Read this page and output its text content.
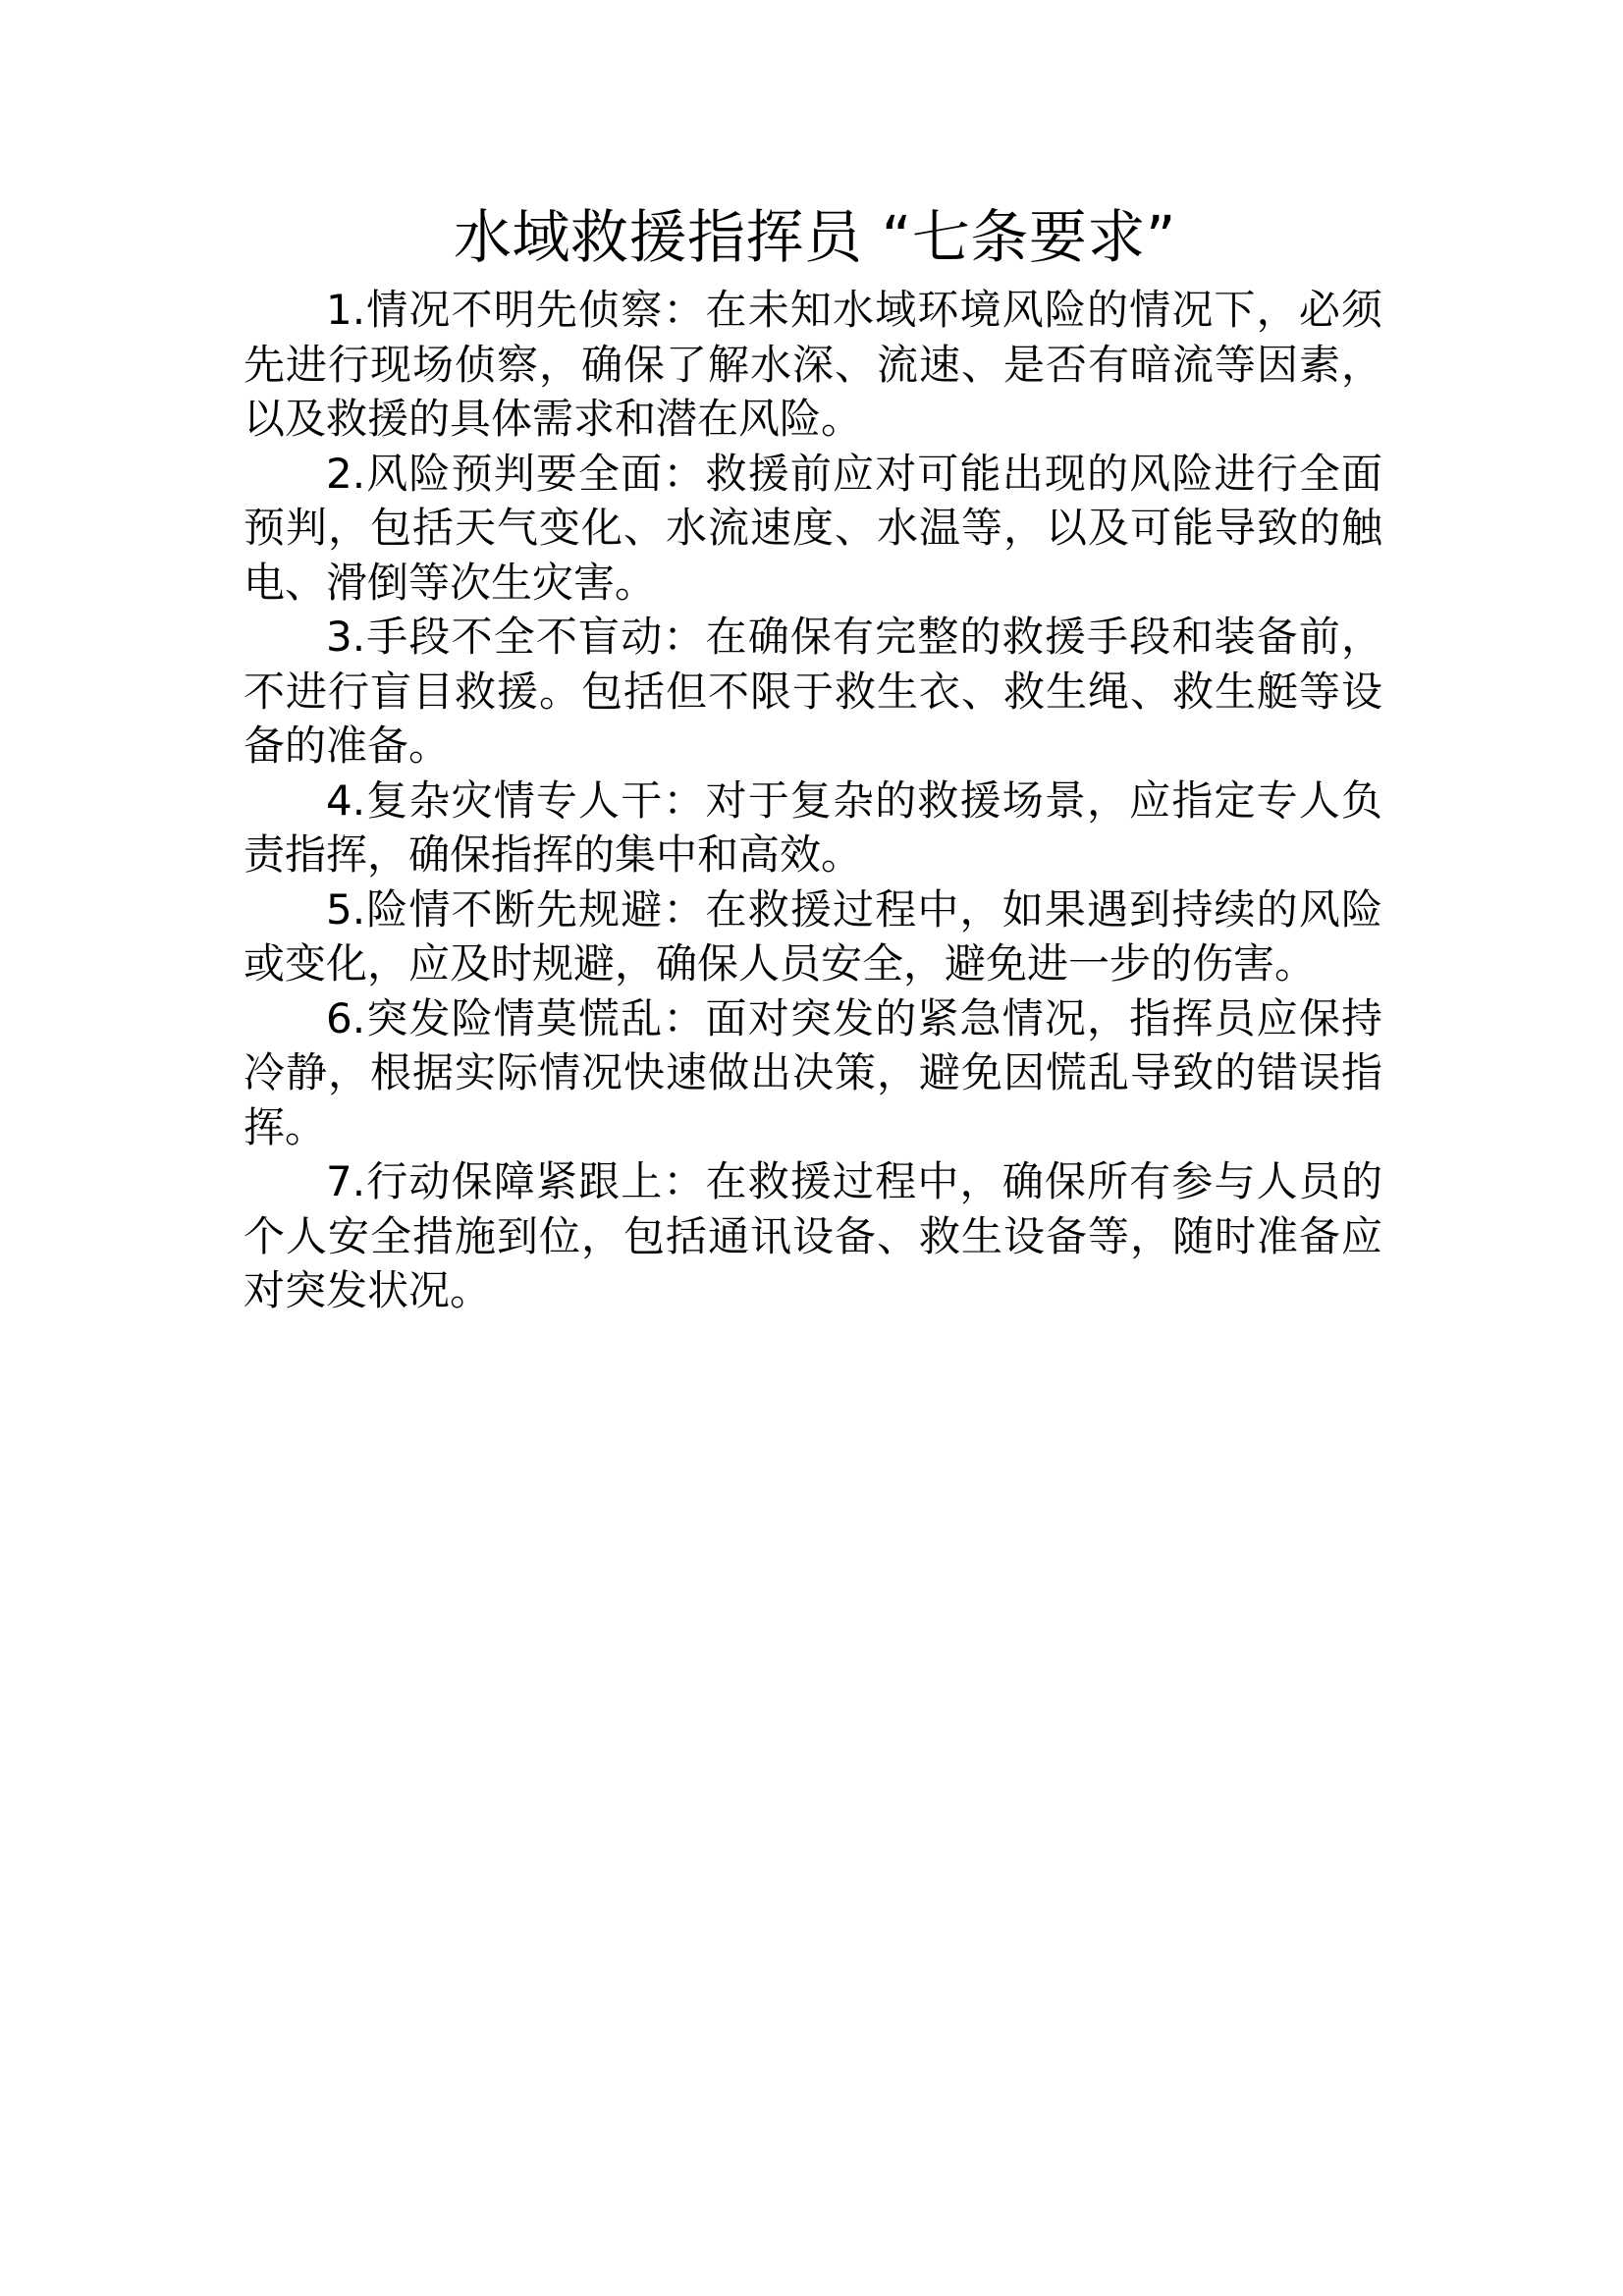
水域救援指挥员 “七条要求”

1.情况不明先侦察：在未知水域环境风险的情况下，必须先进行现场侦察，确保了解水深、流速、是否有暗流等因素，以及救援的具体需求和潜在风险。

2.风险预判要全面：救援前应对可能出现的风险进行全面预判，包括天气变化、水流速度、水温等，以及可能导致的触电、滑倒等次生灾害。

3.手段不全不盲动：在确保有完整的救援手段和装备前，不进行盲目救援。包括但不限于救生衣、救生绳、救生艇等设备的准备。

4.复杂灾情专人干：对于复杂的救援场景，应指定专人负责指挥，确保指挥的集中和高效。

5.险情不断先规避：在救援过程中，如果遇到持续的风险或变化，应及时规避，确保人员安全，避免进一步的伤害。

6.突发险情莫慌乱：面对突发的紧急情况，指挥员应保持冷静，根据实际情况快速做出决策，避免因慌乱导致的错误指挥。

7.行动保障紧跟上：在救援过程中，确保所有参与人员的个人安全措施到位，包括通讯设备、救生设备等，随时准备应对突发状况。
